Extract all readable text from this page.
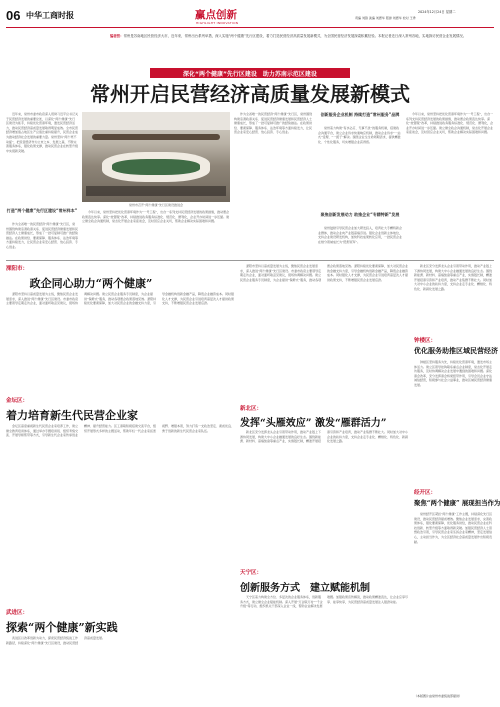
06 中华工商时报	赢点创新
HIGHLIGHT INNOVATION
2024年12月24日 星期二
责编 刘锋 美编 刘德华 照排 刘德华 校对 王秀
编者按：常州是苏南地区民营经济大市，近年来，常州出台系列举措，深入实施“两个健康”先行区建设，着力打造民营经济高质量发展新模式，为全国民营经济发展探索积累经验。本报记者近日深入常州各地，实地探访民营企业发展情况。
深化“两个健康”先行区建设　助力苏南示范区建设
常州开启民营经济高质量发展新模式

近年来，常州市委市政府深入贯彻习近平总书记关于民营经济发展的重要论述，以深化“两个健康”先行区建设为抓手，持续优化营商环境，激发民营经济活力，推动民营经济高质量发展取得明显成效。全市民营经济增加值占地区生产总值比重持续提升，民营企业成为推动经济社会发展的重要力量。常州坚持“两个毫不动摇”，把民营经济作为立市之本、发展之基，不断完善服务体系，强化政策支撑，推动民营企业在转型升级中实现新突破。

打造“两个健康”先行区建设“常州样本”

作为全省唯一的民营经济“两个健康”先行区，常州围绕构建亲清政商关系、促进民营经济健康发展和民营经济人士健康成长，形成了一批可复制可推广的经验做法。在政策供给、要素保障、服务体系、法治环境等方面持续发力，让民营企业家安心经营、放心投资、专心创业。

常州市召开“两个健康”先行区建设推进会

今年以来，常州坚持把优化营商环境作为“一号工程”，出台一系列支持民营经济发展的政策措施，推动惠企政策直达快享。深化“放管服”改革，持续推进政务服务标准化、规范化、便利化，企业开办时间进一步压缩。建立健全政企沟通机制，常态化开展企业家座谈会，及时回应企业关切，帮助企业解决实际困难和问题。

作为全省唯一的民营经济“两个健康”先行区，常州围绕构建亲清政商关系、促进民营经济健康发展和民营经济人士健康成长，形成了一批可复制可推广的经验做法。在政策供给、要素保障、服务体系、法治环境等方面持续发力，让民营企业家安心经营、放心投资、专心创业。

创新服务企业机制 持续打造“常州服务”品牌

常州着力构建“有求必应、无事不扰”的服务机制，搭建政企沟通平台，建立企业诉求快速响应机制，推动企业诉求“一站式”受理、“一揽子”解决。围绕企业全生命周期需求，提供精准化、个性化服务，切实增强企业获得感。

聚焦创新发展动力 助推企业“专精特新”发展

常州鼓励引导民营企业加大研发投入，培育壮大专精特新企业群体，推动企业向产业链高端迈进。强化企业创新主体地位，支持企业建设研发机构，加快科技成果转化应用，一批民营企业在细分领域成长为“隐形冠军”。

今年以来，常州坚持把优化营商环境作为“一号工程”，出台一系列支持民营经济发展的政策措施，推动惠企政策直达快享。深化“放管服”改革，持续推进政务服务标准化、规范化、便利化，企业开办时间进一步压缩。建立健全政企沟通机制，常态化开展企业家座谈会，及时回应企业关切，帮助企业解决实际困难和问题。

溧阳市：
政企同心助力“两个健康”

溧阳市坚持以高质量发展为主线，聚焦民营企业发展需求，深入推进“两个健康”先行区建设。市委市政府主要领导定期走访企业，面对面听取意见建议，现场协调解决问题。建立民营企业服务专员制度，为企业提供“保姆式”服务，推动各项惠企政策落地见效。溧阳持续优化要素保障，加大对民营企业的金融支持力度，引导金融机构创新金融产品，降低企业融资成本。同时强化人才支撑，为民营企业引进培育高层次人才提供政策支持，不断增强民营企业发展后劲。

金坛区：
着力培育新生代民营企业家

金坛区高度重视新生代民营企业家培养工作，建立健全教育培训体系，通过举办专题培训班、组织考察交流、开展导师帮带等方式，引导新生代企业家传承创业精神、提升经营能力。区工商联积极搭建交流平台，组织开展形式多样的主题活动，帮助年轻一代企业家拓宽视野、增强本领，努力打造一支政治坚定、素质优良、勇于创新的新生代民营企业家队伍。

武进区：
探索“两个健康”新实践

武进区以改革创新为动力，探索民营经济统战工作新路径，持续深化“两个健康”先行区建设，推动民营经济高质量发展。

新北区：
发挥“头雁效应” 激发“雁群活力”

新北区充分发挥龙头企业引领带动作用，推动产业链上下游协同发展，构建大中小企业融通发展的良好生态。围绕新能源、新材料、高端装备等重点产业，实施链长制，精准开展招商引资和产业培育，推动产业集群不断壮大。同时加大对中小企业的扶持力度，支持企业走专业化、精细化、特色化、新颖化发展之路。

溧阳市坚持以高质量发展为主线，聚焦民营企业发展需求，深入推进“两个健康”先行区建设。市委市政府主要领导定期走访企业，面对面听取意见建议，现场协调解决问题。建立民营企业服务专员制度，为企业提供“保姆式”服务，推动各项惠企政策落地见效。溧阳持续优化要素保障，加大对民营企业的金融支持力度，引导金融机构创新金融产品，降低企业融资成本。同时强化人才支撑，为民营企业引进培育高层次人才提供政策支持，不断增强民营企业发展后劲。

天宁区：
创新服务方式　建立赋能机制

天宁区着力构建全方位、多层次的企业服务体系，创新服务方式，建立健全企业赋能机制。深入开展“万企联万村”“千企升级”等行动，组织机关干部深入企业一线，帮助企业解决发展难题。加强政策宣传解读，推动政策精准直达，让企业应享尽享、能享快享，为民营经济高质量发展注入强劲动能。

钟楼区：
优化服务助推区域民营经济

钟楼区坚持服务为先，持续优化营商环境，激发市场主体活力。建立区领导挂钩联系重点企业制度，常态化开展走访服务，及时协调解决企业发展中遇到的困难和问题。深化商会改革，充分发挥商会桥梁纽带作用，引导会员企业守法诚信经营，积极参与社会公益事业，推动区域民营经济健康发展。

新北区充分发挥龙头企业引领带动作用，推动产业链上下游协同发展，构建大中小企业融通发展的良好生态。围绕新能源、新材料、高端装备等重点产业，实施链长制，精准开展招商引资和产业培育，推动产业集群不断壮大。同时加大对中小企业的扶持力度，支持企业走专业化、精细化、特色化、新颖化发展之路。

经开区：
聚焦“两个健康” 展现担当作为

常州经开区紧扣“两个健康”工作主题，持续深化先行区建设，推动民营经济提质增效。聚焦企业发展需求，完善政策体系，强化要素保障，优化服务供给，推动民营企业在科技创新、转型升级等方面取得新突破。加强民营经济人士思想政治引领，引导民营企业家弘扬企业家精神，坚定发展信心，主动担当作为，为全区经济社会高质量发展作出积极贡献。

（本版图片由常州市委统战部提供）
